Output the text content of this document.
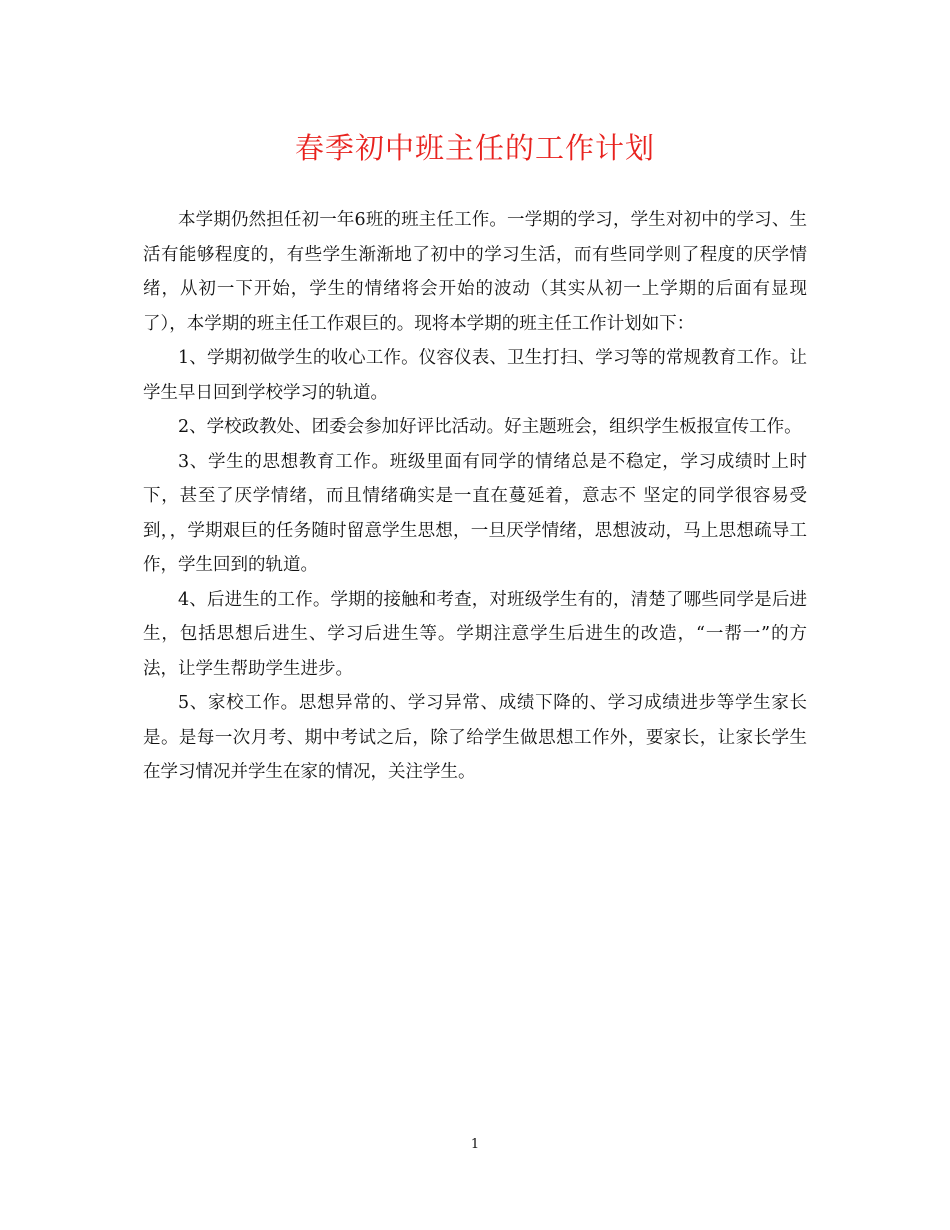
春季初中班主任的工作计划

本学期仍然担任初一年6班的班主任工作。一学期的学习，学生对初中的学习、生活有能够程度的，有些学生渐渐地了初中的学习生活，而有些同学则了程度的厌学情绪，从初一下开始，学生的情绪将会开始的波动（其实从初一上学期的后面有显现了），本学期的班主任工作艰巨的。现将本学期的班主任工作计划如下：

1、学期初做学生的收心工作。仪容仪表、卫生打扫、学习等的常规教育工作。让学生早日回到学校学习的轨道。

2、学校政教处、团委会参加好评比活动。好主题班会，组织学生板报宣传工作。

3、学生的思想教育工作。班级里面有同学的情绪总是不稳定，学习成绩时上时下，甚至了厌学情绪，而且情绪确实是一直在蔓延着，意志不 坚定的同学很容易受到，，学期艰巨的任务随时留意学生思想，一旦厌学情绪，思想波动，马上思想疏导工作，学生回到的轨道。

4、后进生的工作。学期的接触和考查，对班级学生有的，清楚了哪些同学是后进生，包括思想后进生、学习后进生等。学期注意学生后进生的改造，“一帮一”的方法，让学生帮助学生进步。

5、家校工作。思想异常的、学习异常、成绩下降的、学习成绩进步等学生家长是。是每一次月考、期中考试之后，除了给学生做思想工作外，要家长，让家长学生在学习情况并学生在家的情况，关注学生。

1
